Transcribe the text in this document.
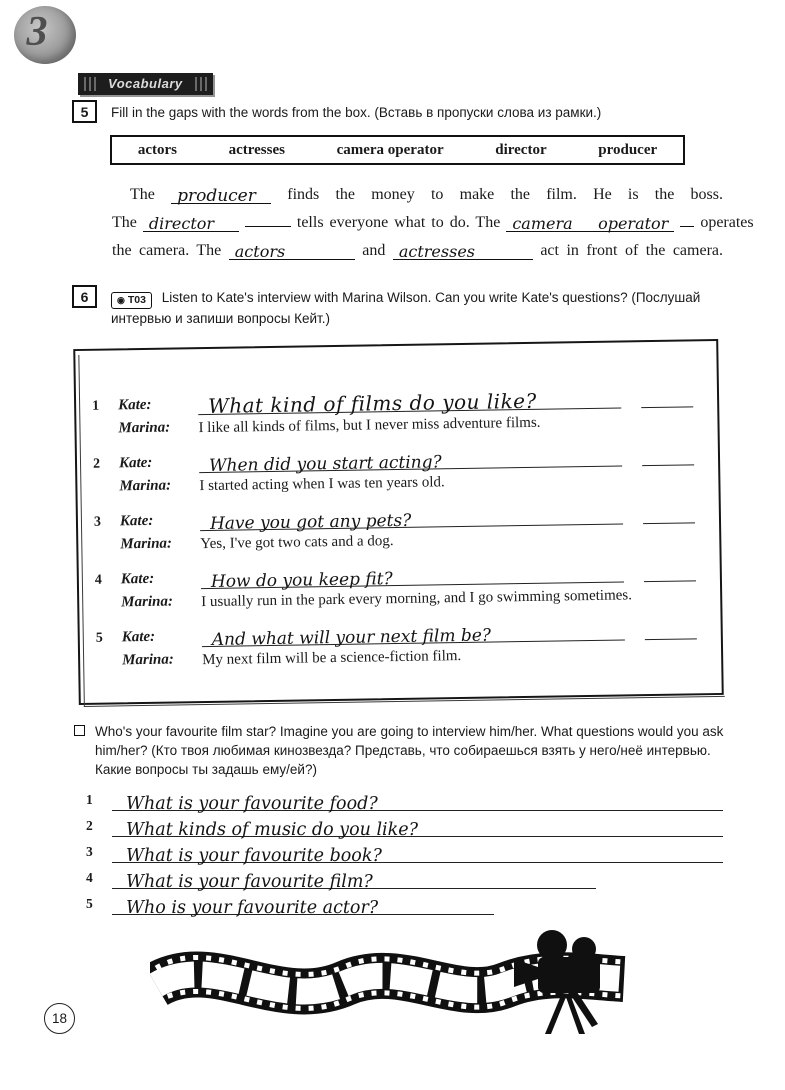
3
Vocabulary
5 Fill in the gaps with the words from the box. (Вставь в пропуски слова из рамки.)
actors	actresses	camera operator	director	producer
The producer finds the money to make the film. He is the boss.
The director	tells everyone what to do. The camera operator operates
the camera. The actors	and actresses	act in front of the camera.
6	◉ T03 Listen to Kate's interview with Marina Wilson. Can you write Kate's questions? (Послушай интервью и запиши вопросы Кейт.)
1	Kate:	What kind of films do you like?
Marina:	I like all kinds of films, but I never miss adventure films.
2	Kate:	When did you start acting?
Marina:	I started acting when I was ten years old.
3	Kate:	Have you got any pets?
Marina:	Yes, I've got two cats and a dog.
4	Kate:	How do you keep fit?
Marina:	I usually run in the park every morning, and I go swimming sometimes.
5	Kate:	And what will your next film be?
Marina:	My next film will be a science-fiction film.
Who's your favourite film star? Imagine you are going to interview him/her. What questions would you ask him/her? (Кто твоя любимая кинозвезда? Представь, что собираешься взять у него/неё интервью. Какие вопросы ты задашь ему/ей?)
1	What is your favourite food?
2	What kinds of music do you like?
3	What is your favourite book?
4	What is your favourite film?
5	Who is your favourite actor?
18
